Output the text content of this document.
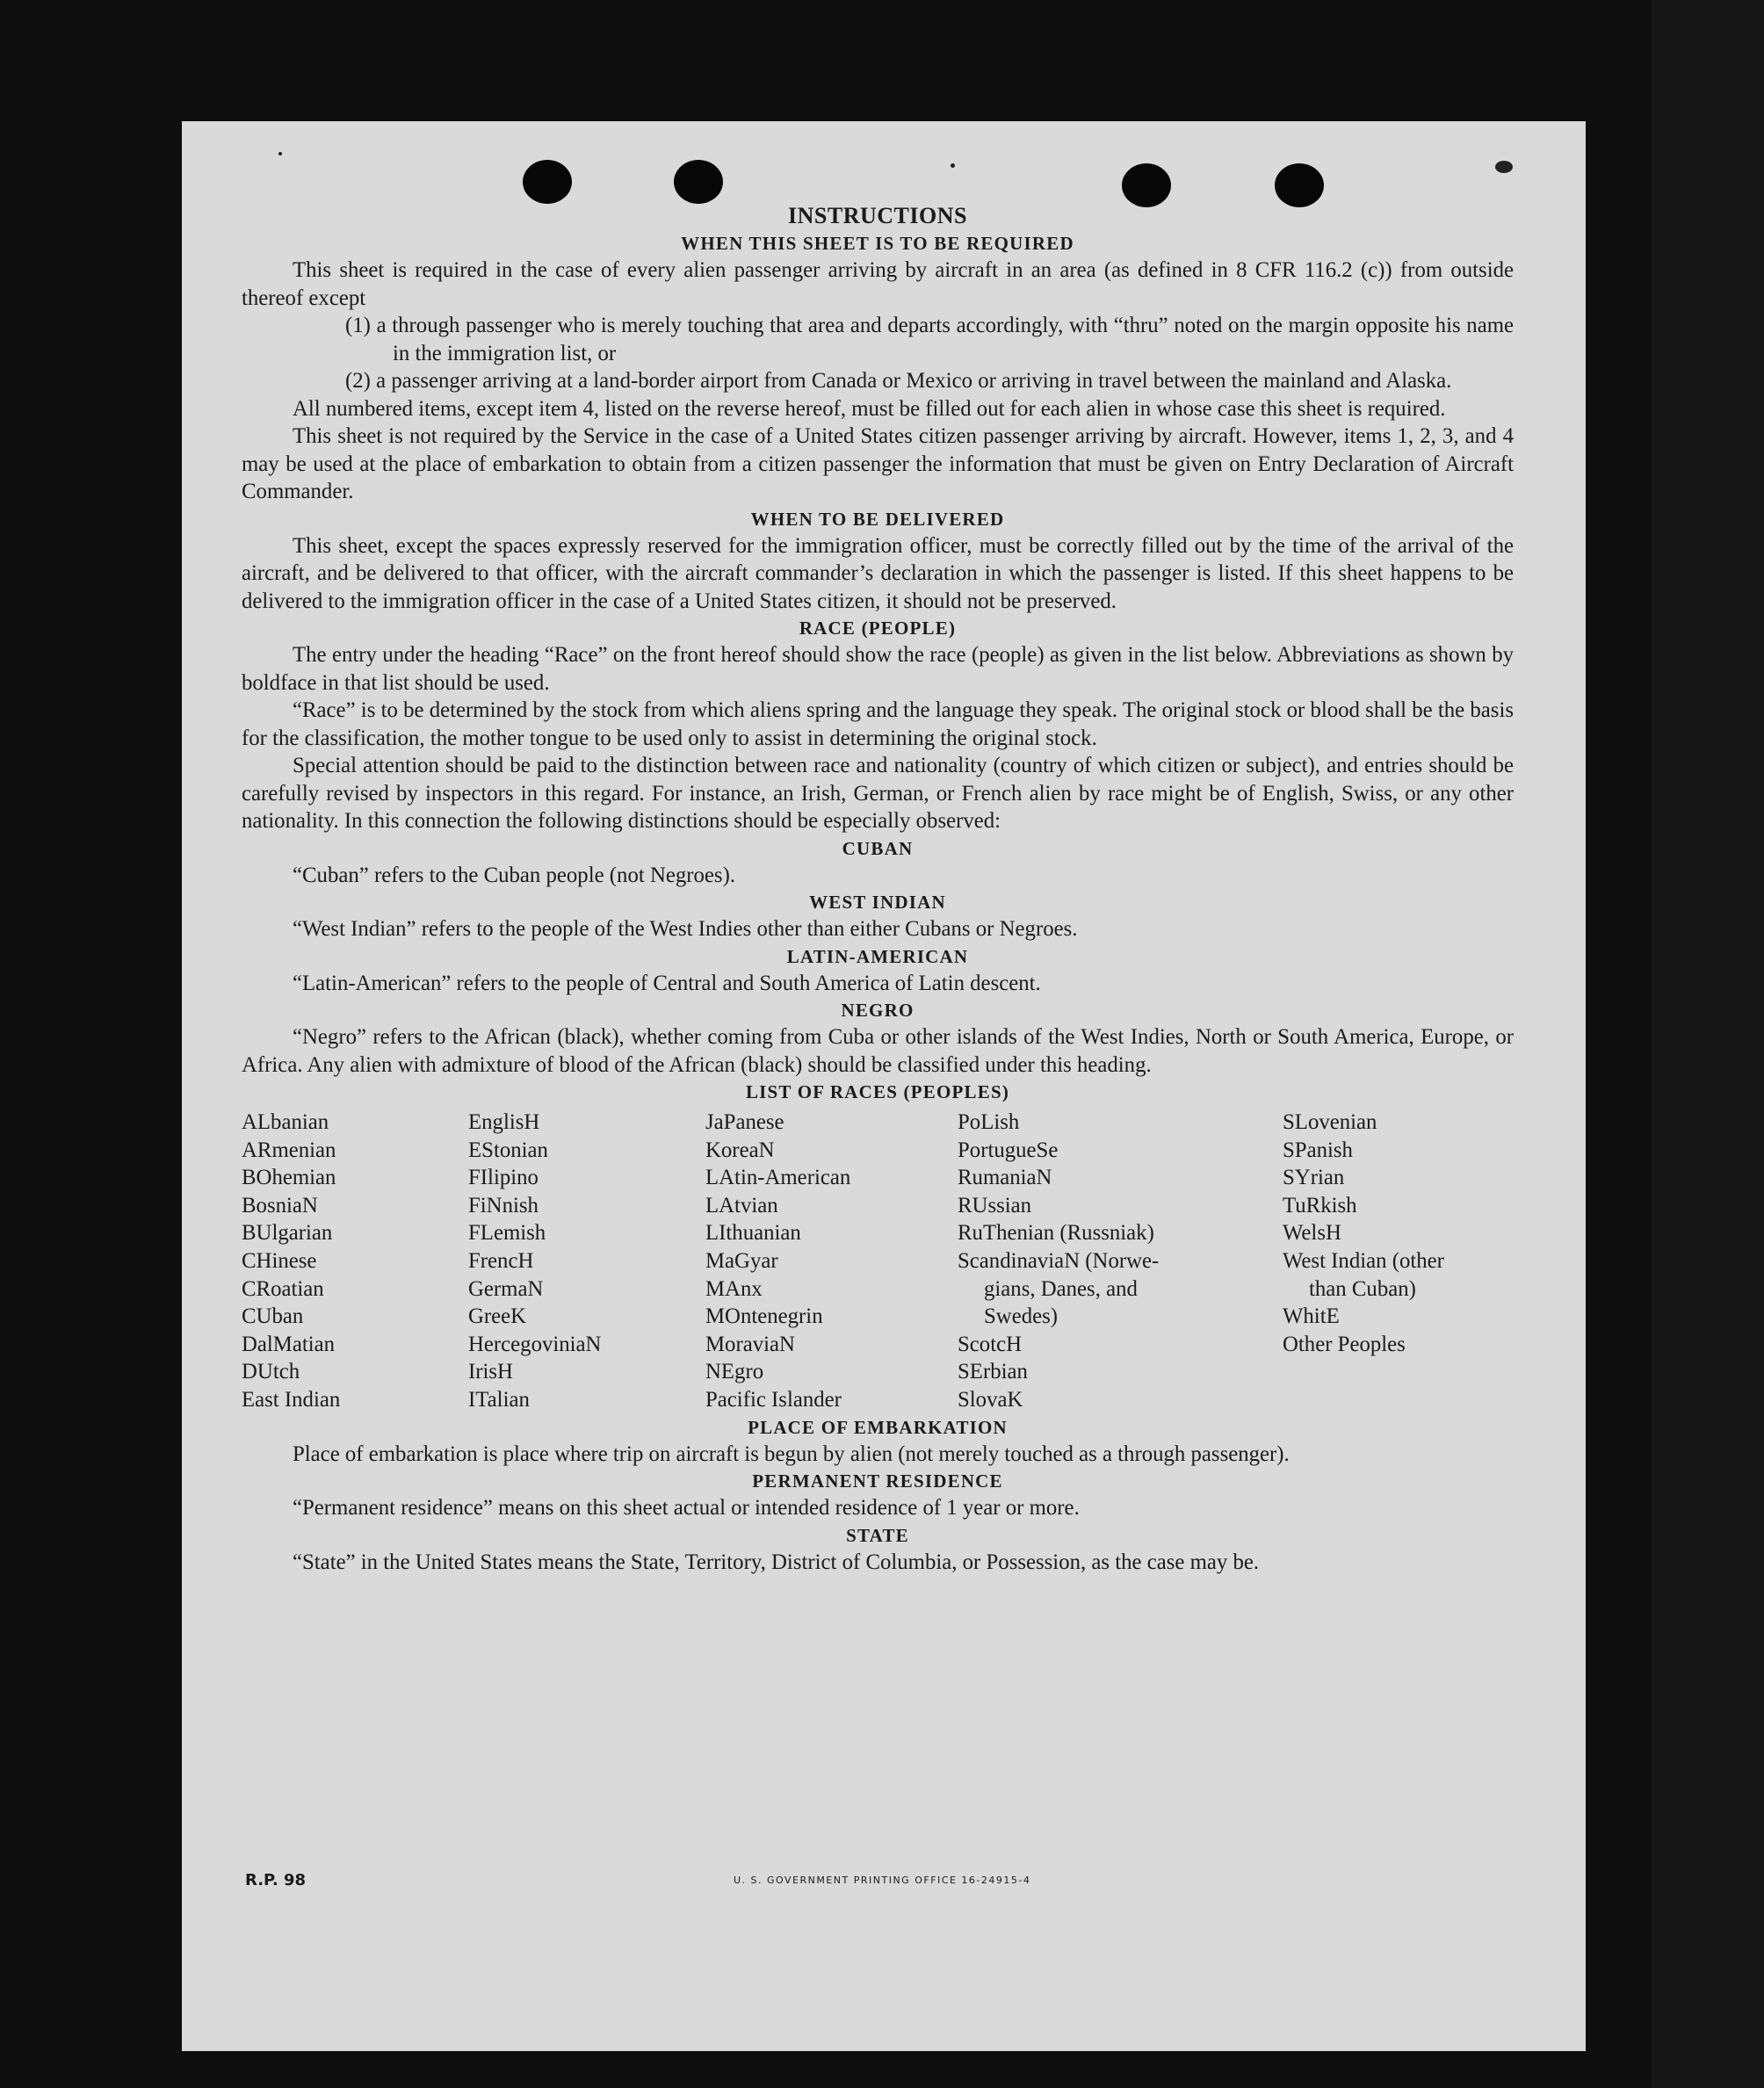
INSTRUCTIONS
WHEN THIS SHEET IS TO BE REQUIRED

This sheet is required in the case of every alien passenger arriving by aircraft in an area (as defined in 8 CFR 116.2 (c)) from outside thereof except

(1) a through passenger who is merely touching that area and departs accordingly, with “thru” noted on the margin opposite his name in the immigration list, or

(2) a passenger arriving at a land-border airport from Canada or Mexico or arriving in travel between the mainland and Alaska.

All numbered items, except item 4, listed on the reverse hereof, must be filled out for each alien in whose case this sheet is required.

This sheet is not required by the Service in the case of a United States citizen passenger arriving by aircraft. However, items 1, 2, 3, and 4 may be used at the place of embarkation to obtain from a citizen passenger the information that must be given on Entry Declaration of Aircraft Commander.

WHEN TO BE DELIVERED

This sheet, except the spaces expressly reserved for the immigration officer, must be correctly filled out by the time of the arrival of the aircraft, and be delivered to that officer, with the aircraft commander’s declaration in which the passenger is listed. If this sheet happens to be delivered to the immigration officer in the case of a United States citizen, it should not be preserved.

RACE (PEOPLE)

The entry under the heading “Race” on the front hereof should show the race (people) as given in the list below. Abbreviations as shown by boldface in that list should be used.

“Race” is to be determined by the stock from which aliens spring and the language they speak. The original stock or blood shall be the basis for the classification, the mother tongue to be used only to assist in determining the original stock.

Special attention should be paid to the distinction between race and nationality (country of which citizen or subject), and entries should be carefully revised by inspectors in this regard. For instance, an Irish, German, or French alien by race might be of English, Swiss, or any other nationality. In this connection the following distinctions should be especially observed:

CUBAN

“Cuban” refers to the Cuban people (not Negroes).

WEST INDIAN

“West Indian” refers to the people of the West Indies other than either Cubans or Negroes.

LATIN-AMERICAN

“Latin-American” refers to the people of Central and South America of Latin descent.

NEGRO

“Negro” refers to the African (black), whether coming from Cuba or other islands of the West Indies, North or South America, Europe, or Africa. Any alien with admixture of blood of the African (black) should be classified under this heading.

LIST OF RACES (PEOPLES)
ALbanian
ARmenian
BOhemian
BosniaN
BUlgarian
CHinese
CRoatian
CUban
DalMatian
DUtch
East Indian
EnglisH
EStonian
FIlipino
FiNnish
FLemish
FrencH
GermaN
GreeK
HercegoviniaN
IrisH
ITalian
JaPanese
KoreaN
LAtin-American
LAtvian
LIthuanian
MaGyar
MAnx
MOntenegrin
MoraviaN
NEgro
Pacific Islander
PoLish
PortugueSe
RumaniaN
RUssian
RuThenian (Russniak)
ScandinaviaN (Norwe-
gians, Danes, and
Swedes)
ScotcH
SErbian
SlovaK
SLovenian
SPanish
SYrian
TuRkish
WelsH
West Indian (other
than Cuban)
WhitE
Other Peoples
PLACE OF EMBARKATION

Place of embarkation is place where trip on aircraft is begun by alien (not merely touched as a through passenger).

PERMANENT RESIDENCE

“Permanent residence” means on this sheet actual or intended residence of 1 year or more.

STATE

“State” in the United States means the State, Territory, District of Columbia, or Possession, as the case may be.

R.P. 98	U. S. GOVERNMENT PRINTING OFFICE 16-24915-4
